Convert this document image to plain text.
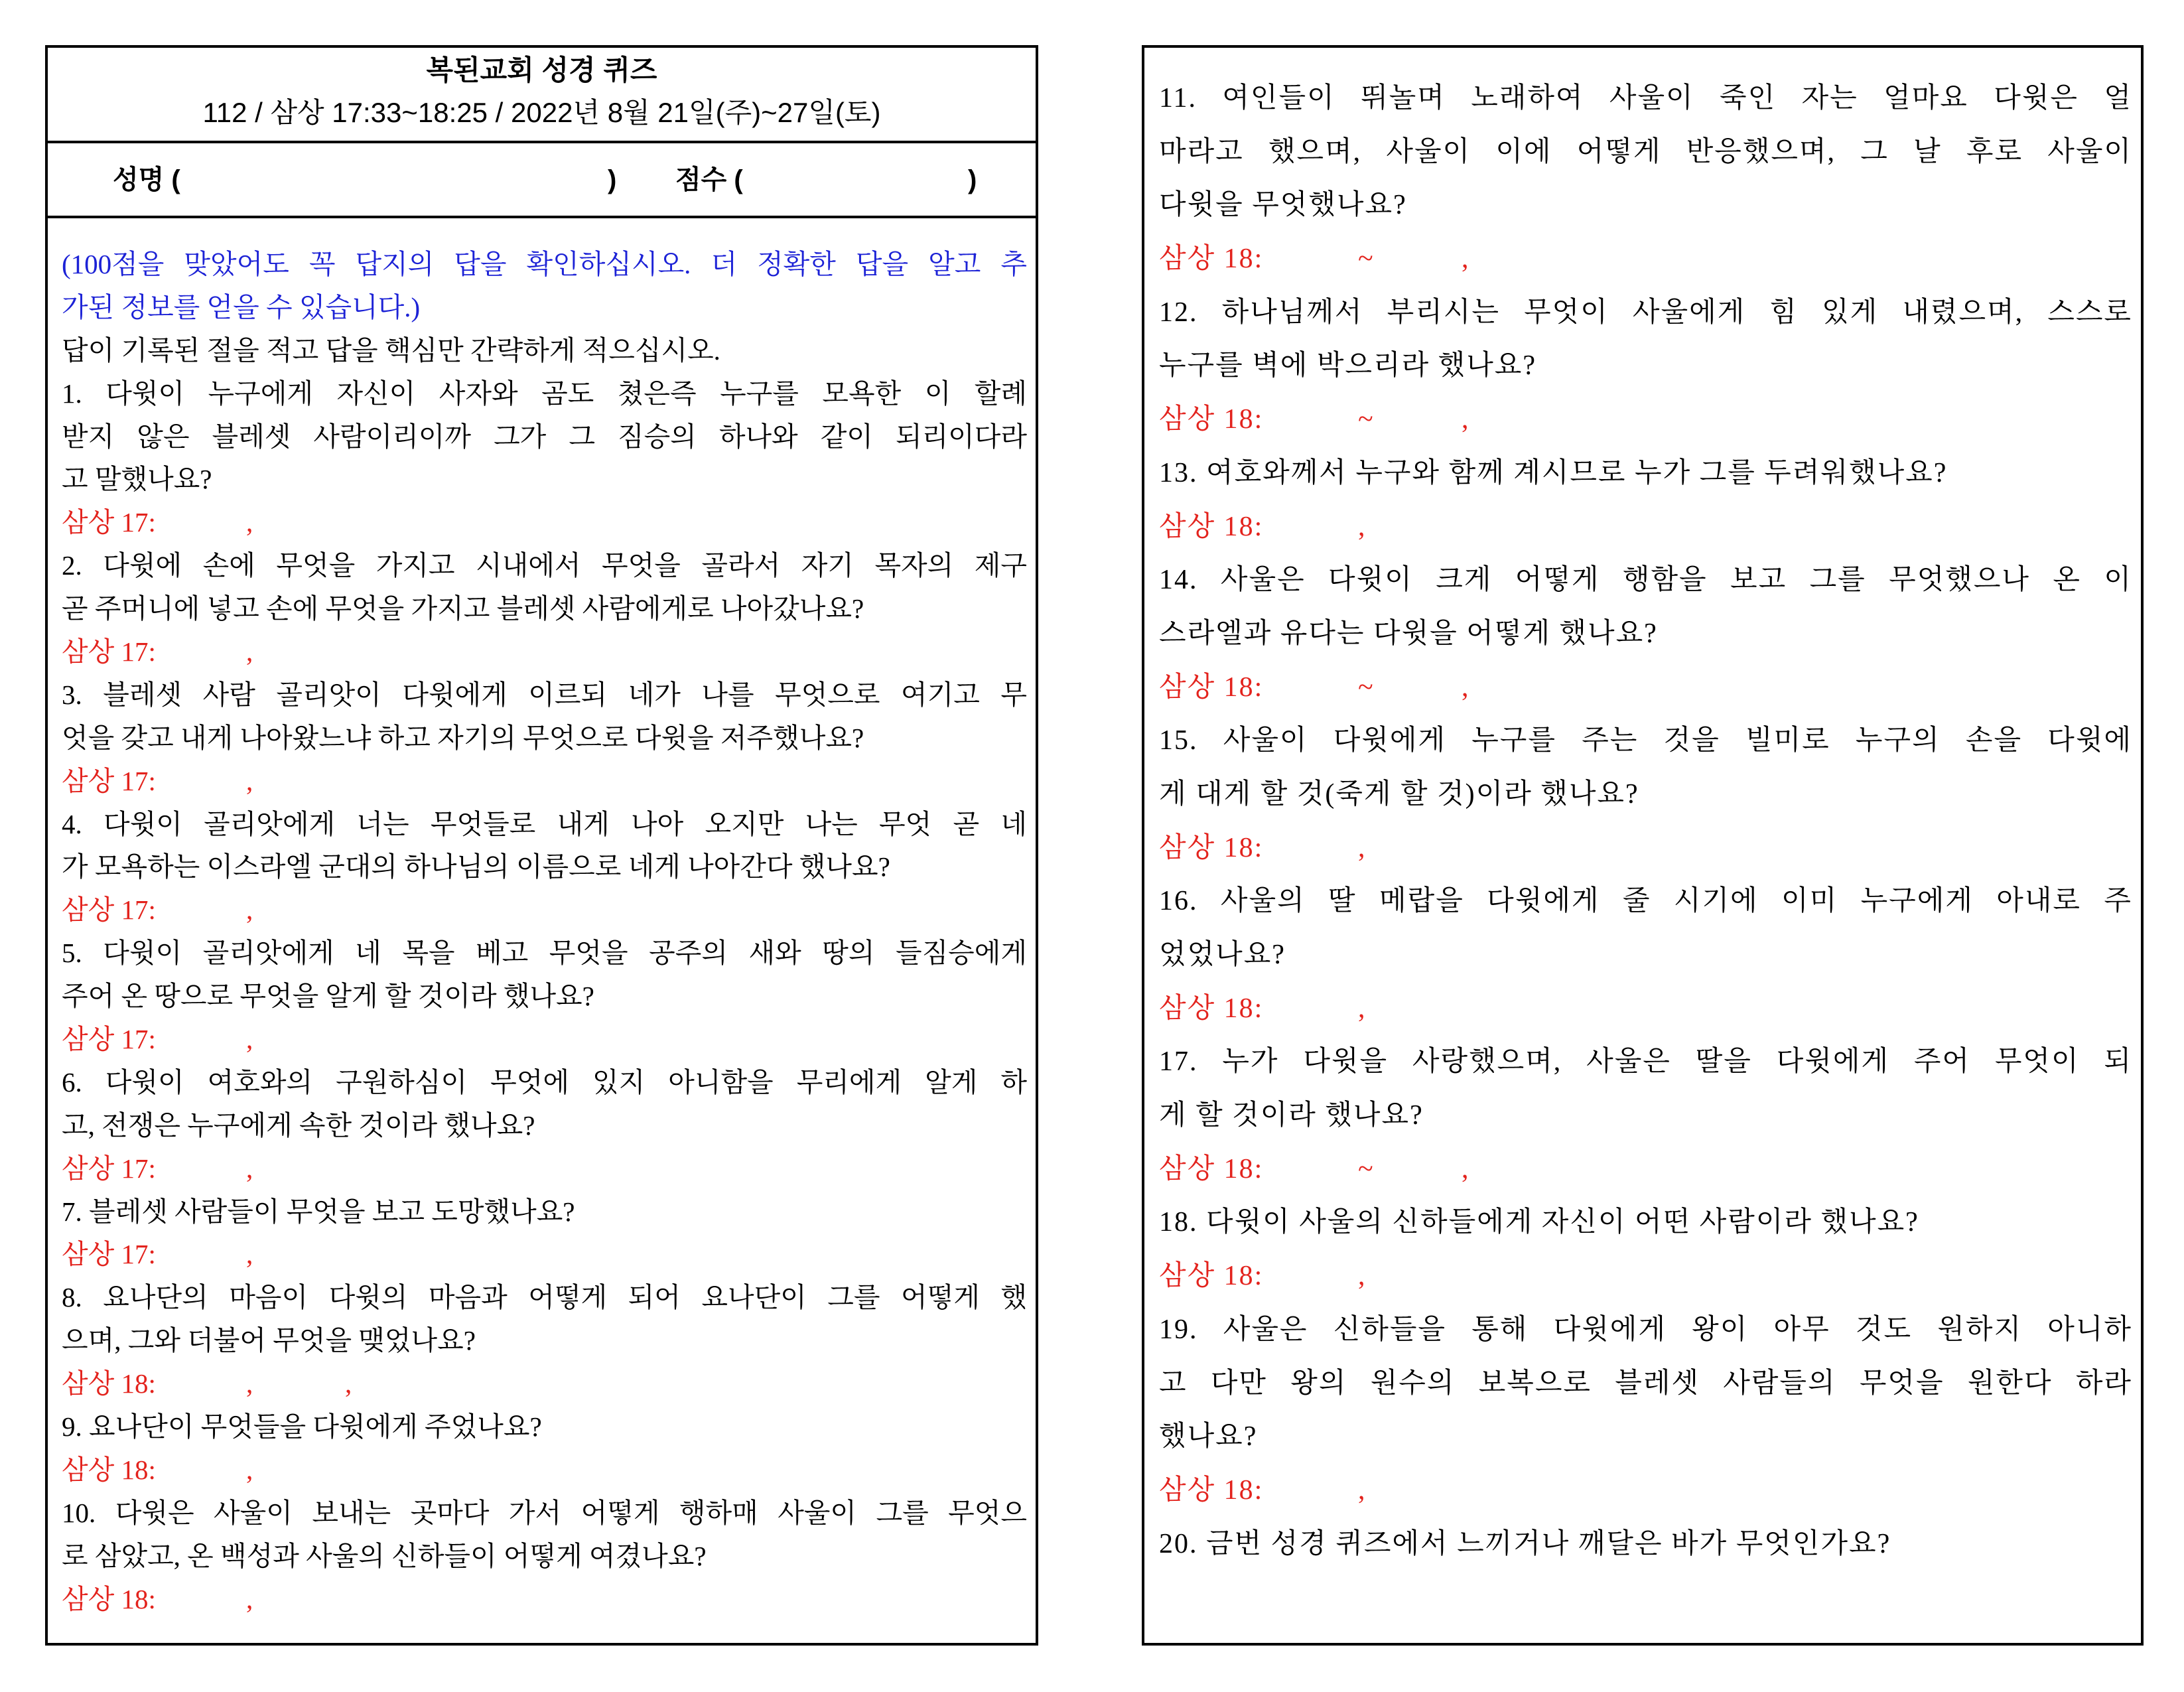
복된교회 성경 퀴즈
112 / 삼상 17:33~18:25 / 2022년 8월 21일(주)~27일(토)
성명 (	) 점수 (	)
(100점을 맞았어도 꼭 답지의 답을 확인하십시오. 더 정확한 답을 알고 추
가된 정보를 얻을 수 있습니다.)
답이 기록된 절을 적고 답을 핵심만 간략하게 적으십시오.
1. 다윗이 누구에게 자신이 사자와 곰도 쳤은즉 누구를 모욕한 이 할례
받지 않은 블레셋 사람이리이까 그가 그 짐승의 하나와 같이 되리이다라
고 말했나요?
삼상 17:	,
2. 다윗에 손에 무엇을 가지고 시내에서 무엇을 골라서 자기 목자의 제구
곧 주머니에 넣고 손에 무엇을 가지고 블레셋 사람에게로 나아갔나요?
삼상 17:	,
3. 블레셋 사람 골리앗이 다윗에게 이르되 네가 나를 무엇으로 여기고 무
엇을 갖고 내게 나아왔느냐 하고 자기의 무엇으로 다윗을 저주했나요?
삼상 17:	,
4. 다윗이 골리앗에게 너는 무엇들로 내게 나아 오지만 나는 무엇 곧 네
가 모욕하는 이스라엘 군대의 하나님의 이름으로 네게 나아간다 했나요?
삼상 17:	,
5. 다윗이 골리앗에게 네 목을 베고 무엇을 공주의 새와 땅의 들짐승에게
주어 온 땅으로 무엇을 알게 할 것이라 했나요?
삼상 17:	,
6. 다윗이 여호와의 구원하심이 무엇에 있지 아니함을 무리에게 알게 하
고, 전쟁은 누구에게 속한 것이라 했나요?
삼상 17:	,
7. 블레셋 사람들이 무엇을 보고 도망했나요?
삼상 17:	,
8. 요나단의 마음이 다윗의 마음과 어떻게 되어 요나단이 그를 어떻게 했
으며, 그와 더불어 무엇을 맺었나요?
삼상 18:	,	,
9. 요나단이 무엇들을 다윗에게 주었나요?
삼상 18:	,
10. 다윗은 사울이 보내는 곳마다 가서 어떻게 행하매 사울이 그를 무엇으
로 삼았고, 온 백성과 사울의 신하들이 어떻게 여겼나요?
삼상 18:	,
11. 여인들이 뛰놀며 노래하여 사울이 죽인 자는 얼마요 다윗은 얼
마라고 했으며, 사울이 이에 어떻게 반응했으며, 그 날 후로 사울이
다윗을 무엇했나요?
삼상 18:	~	,
12. 하나님께서 부리시는 무엇이 사울에게 힘 있게 내렸으며, 스스로
누구를 벽에 박으리라 했나요?
삼상 18:	~	,
13. 여호와께서 누구와 함께 계시므로 누가 그를 두려워했나요?
삼상 18:	,
14. 사울은 다윗이 크게 어떻게 행함을 보고 그를 무엇했으나 온 이
스라엘과 유다는 다윗을 어떻게 했나요?
삼상 18:	~	,
15. 사울이 다윗에게 누구를 주는 것을 빌미로 누구의 손을 다윗에
게 대게 할 것(죽게 할 것)이라 했나요?
삼상 18:	,
16. 사울의 딸 메랍을 다윗에게 줄 시기에 이미 누구에게 아내로 주
었었나요?
삼상 18:	,
17. 누가 다윗을 사랑했으며, 사울은 딸을 다윗에게 주어 무엇이 되
게 할 것이라 했나요?
삼상 18:	~	,
18. 다윗이 사울의 신하들에게 자신이 어떤 사람이라 했나요?
삼상 18:	,
19. 사울은 신하들을 통해 다윗에게 왕이 아무 것도 원하지 아니하
고 다만 왕의 원수의 보복으로 블레셋 사람들의 무엇을 원한다 하라
했나요?
삼상 18:	,
20. 금번 성경 퀴즈에서 느끼거나 깨달은 바가 무엇인가요?
